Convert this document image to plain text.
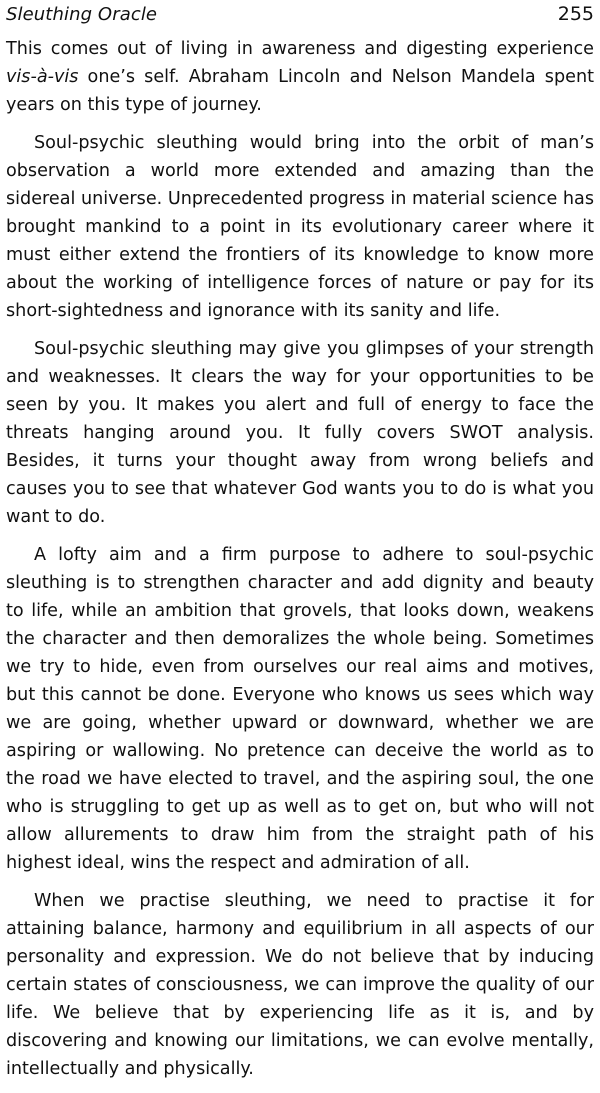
Sleuthing Oracle	255

This comes out of living in awareness and digesting experience vis-à-vis one’s self. Abraham Lincoln and Nelson Mandela spent years on this type of journey.

Soul-psychic sleuthing would bring into the orbit of man’s observation a world more extended and amazing than the sidereal universe. Unprecedented progress in material science has brought mankind to a point in its evolutionary career where it must either extend the frontiers of its knowledge to know more about the working of intelligence forces of nature or pay for its short-sightedness and ignorance with its sanity and life.

Soul-psychic sleuthing may give you glimpses of your strength and weaknesses. It clears the way for your opportunities to be seen by you. It makes you alert and full of energy to face the threats hanging around you. It fully covers SWOT analysis. Besides, it turns your thought away from wrong beliefs and causes you to see that whatever God wants you to do is what you want to do.

A lofty aim and a firm purpose to adhere to soul-psychic sleuthing is to strengthen character and add dignity and beauty to life, while an ambition that grovels, that looks down, weakens the character and then demoralizes the whole being. Sometimes we try to hide, even from ourselves our real aims and motives, but this cannot be done. Everyone who knows us sees which way we are going, whether upward or downward, whether we are aspiring or wallowing. No pretence can deceive the world as to the road we have elected to travel, and the aspiring soul, the one who is struggling to get up as well as to get on, but who will not allow allurements to draw him from the straight path of his highest ideal, wins the respect and admiration of all.

When we practise sleuthing, we need to practise it for attaining balance, harmony and equilibrium in all aspects of our personality and expression. We do not believe that by inducing certain states of consciousness, we can improve the quality of our life. We believe that by experiencing life as it is, and by discovering and knowing our limitations, we can evolve mentally, intellectually and physically.
